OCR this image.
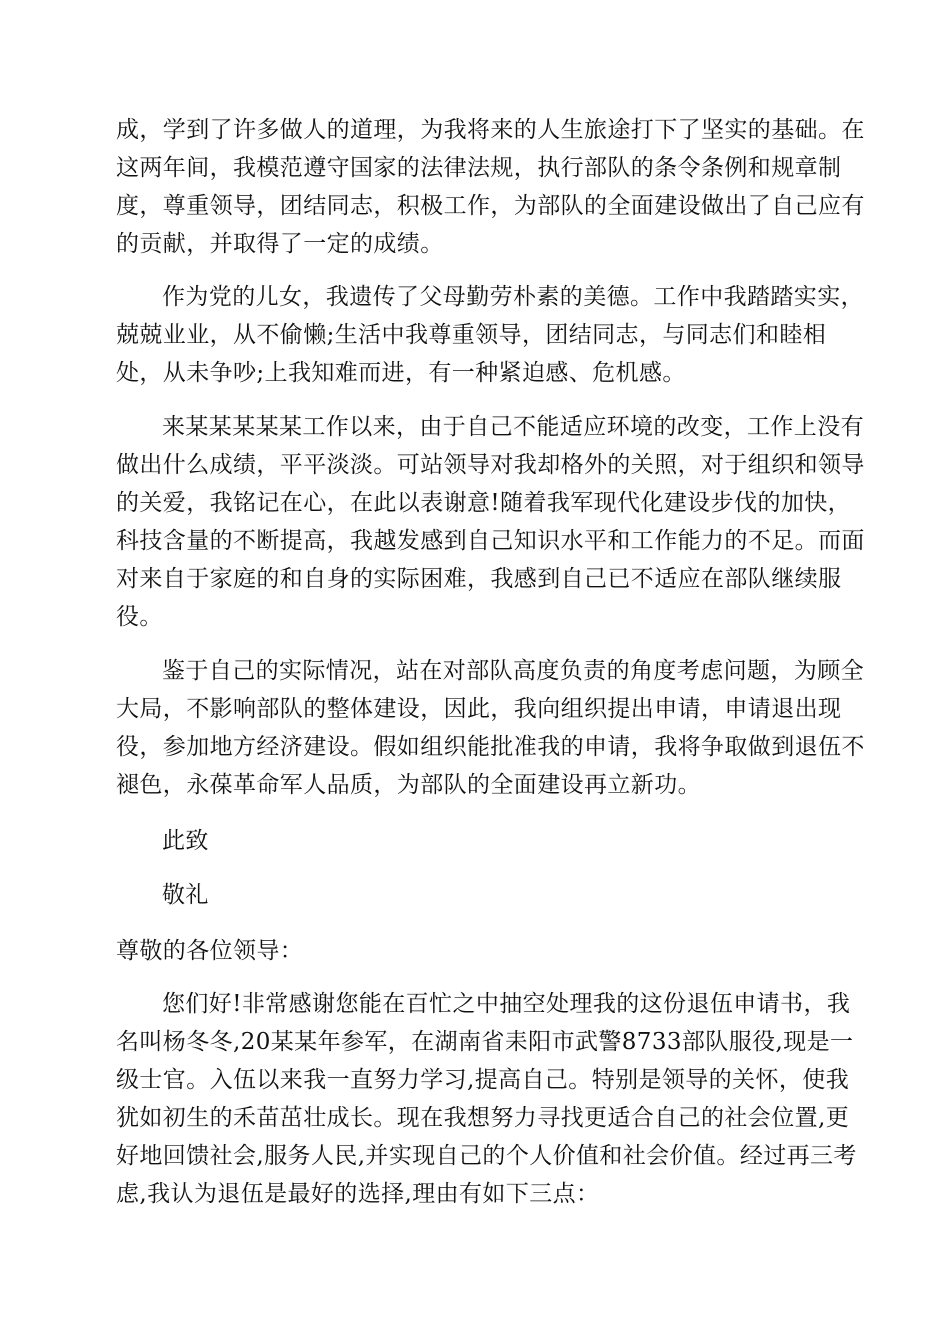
成，学到了许多做人的道理，为我将来的人生旅途打下了坚实的基础。在
这两年间，我模范遵守国家的法律法规，执行部队的条令条例和规章制
度，尊重领导，团结同志，积极工作，为部队的全面建设做出了自己应有
的贡献，并取得了一定的成绩。
作为党的儿女，我遗传了父母勤劳朴素的美德。工作中我踏踏实实，
兢兢业业，从不偷懒;生活中我尊重领导，团结同志，与同志们和睦相
处，从未争吵;上我知难而进，有一种紧迫感、危机感。
来某某某某某工作以来，由于自己不能适应环境的改变，工作上没有
做出什么成绩，平平淡淡。可站领导对我却格外的关照，对于组织和领导
的关爱，我铭记在心，在此以表谢意!随着我军现代化建设步伐的加快，
科技含量的不断提高，我越发感到自己知识水平和工作能力的不足。而面
对来自于家庭的和自身的实际困难，我感到自己已不适应在部队继续服
役。
鉴于自己的实际情况，站在对部队高度负责的角度考虑问题，为顾全
大局，不影响部队的整体建设，因此，我向组织提出申请，申请退出现
役，参加地方经济建设。假如组织能批准我的申请，我将争取做到退伍不
褪色，永葆革命军人品质，为部队的全面建设再立新功。
此致
敬礼
尊敬的各位领导：
您们好!非常感谢您能在百忙之中抽空处理我的这份退伍申请书，我
名叫杨冬冬,20某某年参军，在湖南省耒阳市武警8733部队服役,现是一
级士官。入伍以来我一直努力学习,提高自己。特别是领导的关怀，使我
犹如初生的禾苗茁壮成长。现在我想努力寻找更适合自己的社会位置,更
好地回馈社会,服务人民,并实现自己的个人价值和社会价值。经过再三考
虑,我认为退伍是最好的选择,理由有如下三点：
